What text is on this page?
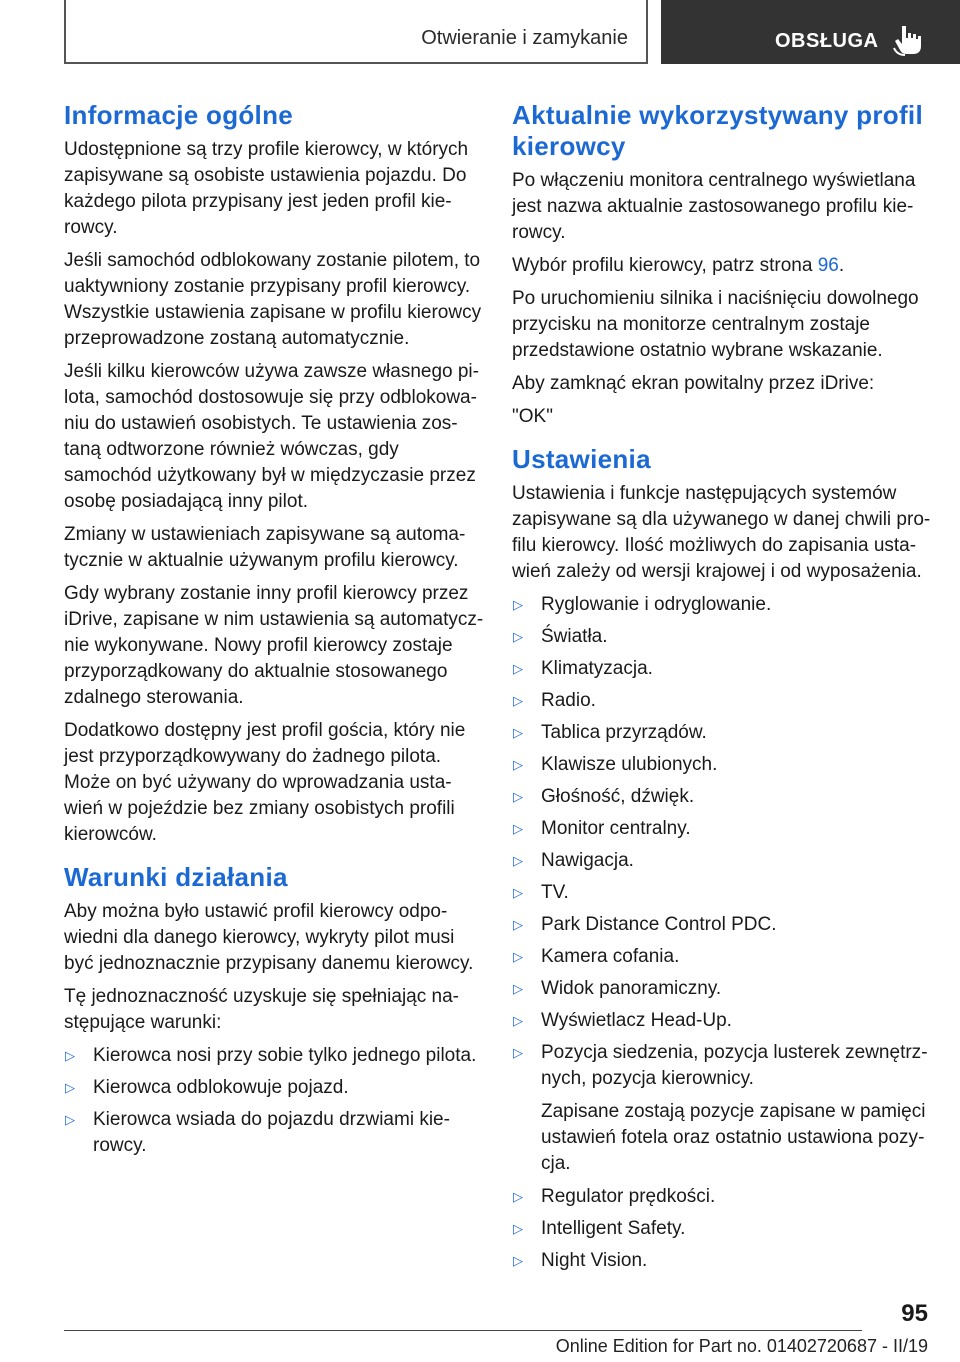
Otwieranie i zamykanie	OBSŁUGA
Informacje ogólne

Udostępnione są trzy profile kierowcy, w których zapisywane są osobiste ustawienia pojazdu. Do każdego pilota przypisany jest jeden profil kierowcy.

Jeśli samochód odblokowany zostanie pilotem, to uaktywniony zostanie przypisany profil kierowcy. Wszystkie ustawienia zapisane w profilu kierowcy przeprowadzone zostaną automatycznie.

Jeśli kilku kierowców używa zawsze własnego pilota, samochód dostosowuje się przy odblokowaniu do ustawień osobistych. Te ustawienia zostaną odtworzone również wówczas, gdy samochód użytkowany był w międzyczasie przez osobę posiadającą inny pilot.

Zmiany w ustawieniach zapisywane są automatycznie w aktualnie używanym profilu kierowcy.

Gdy wybrany zostanie inny profil kierowcy przez iDrive, zapisane w nim ustawienia są automatycznie wykonywane. Nowy profil kierowcy zostaje przyporządkowany do aktualnie stosowanego zdalnego sterowania.

Dodatkowo dostępny jest profil gościa, który nie jest przyporządkowywany do żadnego pilota. Może on być używany do wprowadzania ustawień w pojeździe bez zmiany osobistych profili kierowców.

Warunki działania

Aby można było ustawić profil kierowcy odpowiedni dla danego kierowcy, wykryty pilot musi być jednoznacznie przypisany danemu kierowcy.

Tę jednoznaczność uzyskuje się spełniając następujące warunki:

▷ Kierowca nosi przy sobie tylko jednego pilota.
▷ Kierowca odblokowuje pojazd.
▷ Kierowca wsiada do pojazdu drzwiami kierowcy.
Aktualnie wykorzystywany profil kierowcy

Po włączeniu monitora centralnego wyświetlana jest nazwa aktualnie zastosowanego profilu kierowcy.

Wybór profilu kierowcy, patrz strona 96.

Po uruchomieniu silnika i naciśnięciu dowolnego przycisku na monitorze centralnym zostaje przedstawione ostatnio wybrane wskazanie.

Aby zamknąć ekran powitalny przez iDrive:

"OK"

Ustawienia

Ustawienia i funkcje następujących systemów zapisywane są dla używanego w danej chwili profilu kierowcy. Ilość możliwych do zapisania ustawień zależy od wersji krajowej i od wyposażenia.

▷ Ryglowanie i odryglowanie.
▷ Światła.
▷ Klimatyzacja.
▷ Radio.
▷ Tablica przyrządów.
▷ Klawisze ulubionych.
▷ Głośność, dźwięk.
▷ Monitor centralny.
▷ Nawigacja.
▷ TV.
▷ Park Distance Control PDC.
▷ Kamera cofania.
▷ Widok panoramiczny.
▷ Wyświetlacz Head-Up.
▷ Pozycja siedzenia, pozycja lusterek zewnętrznych, pozycja kierownicy.

Zapisane zostają pozycje zapisane w pamięci ustawień fotela oraz ostatnio ustawiona pozycja.

▷ Regulator prędkości.
▷ Intelligent Safety.
▷ Night Vision.
95
Online Edition for Part no. 01402720687 - II/19
